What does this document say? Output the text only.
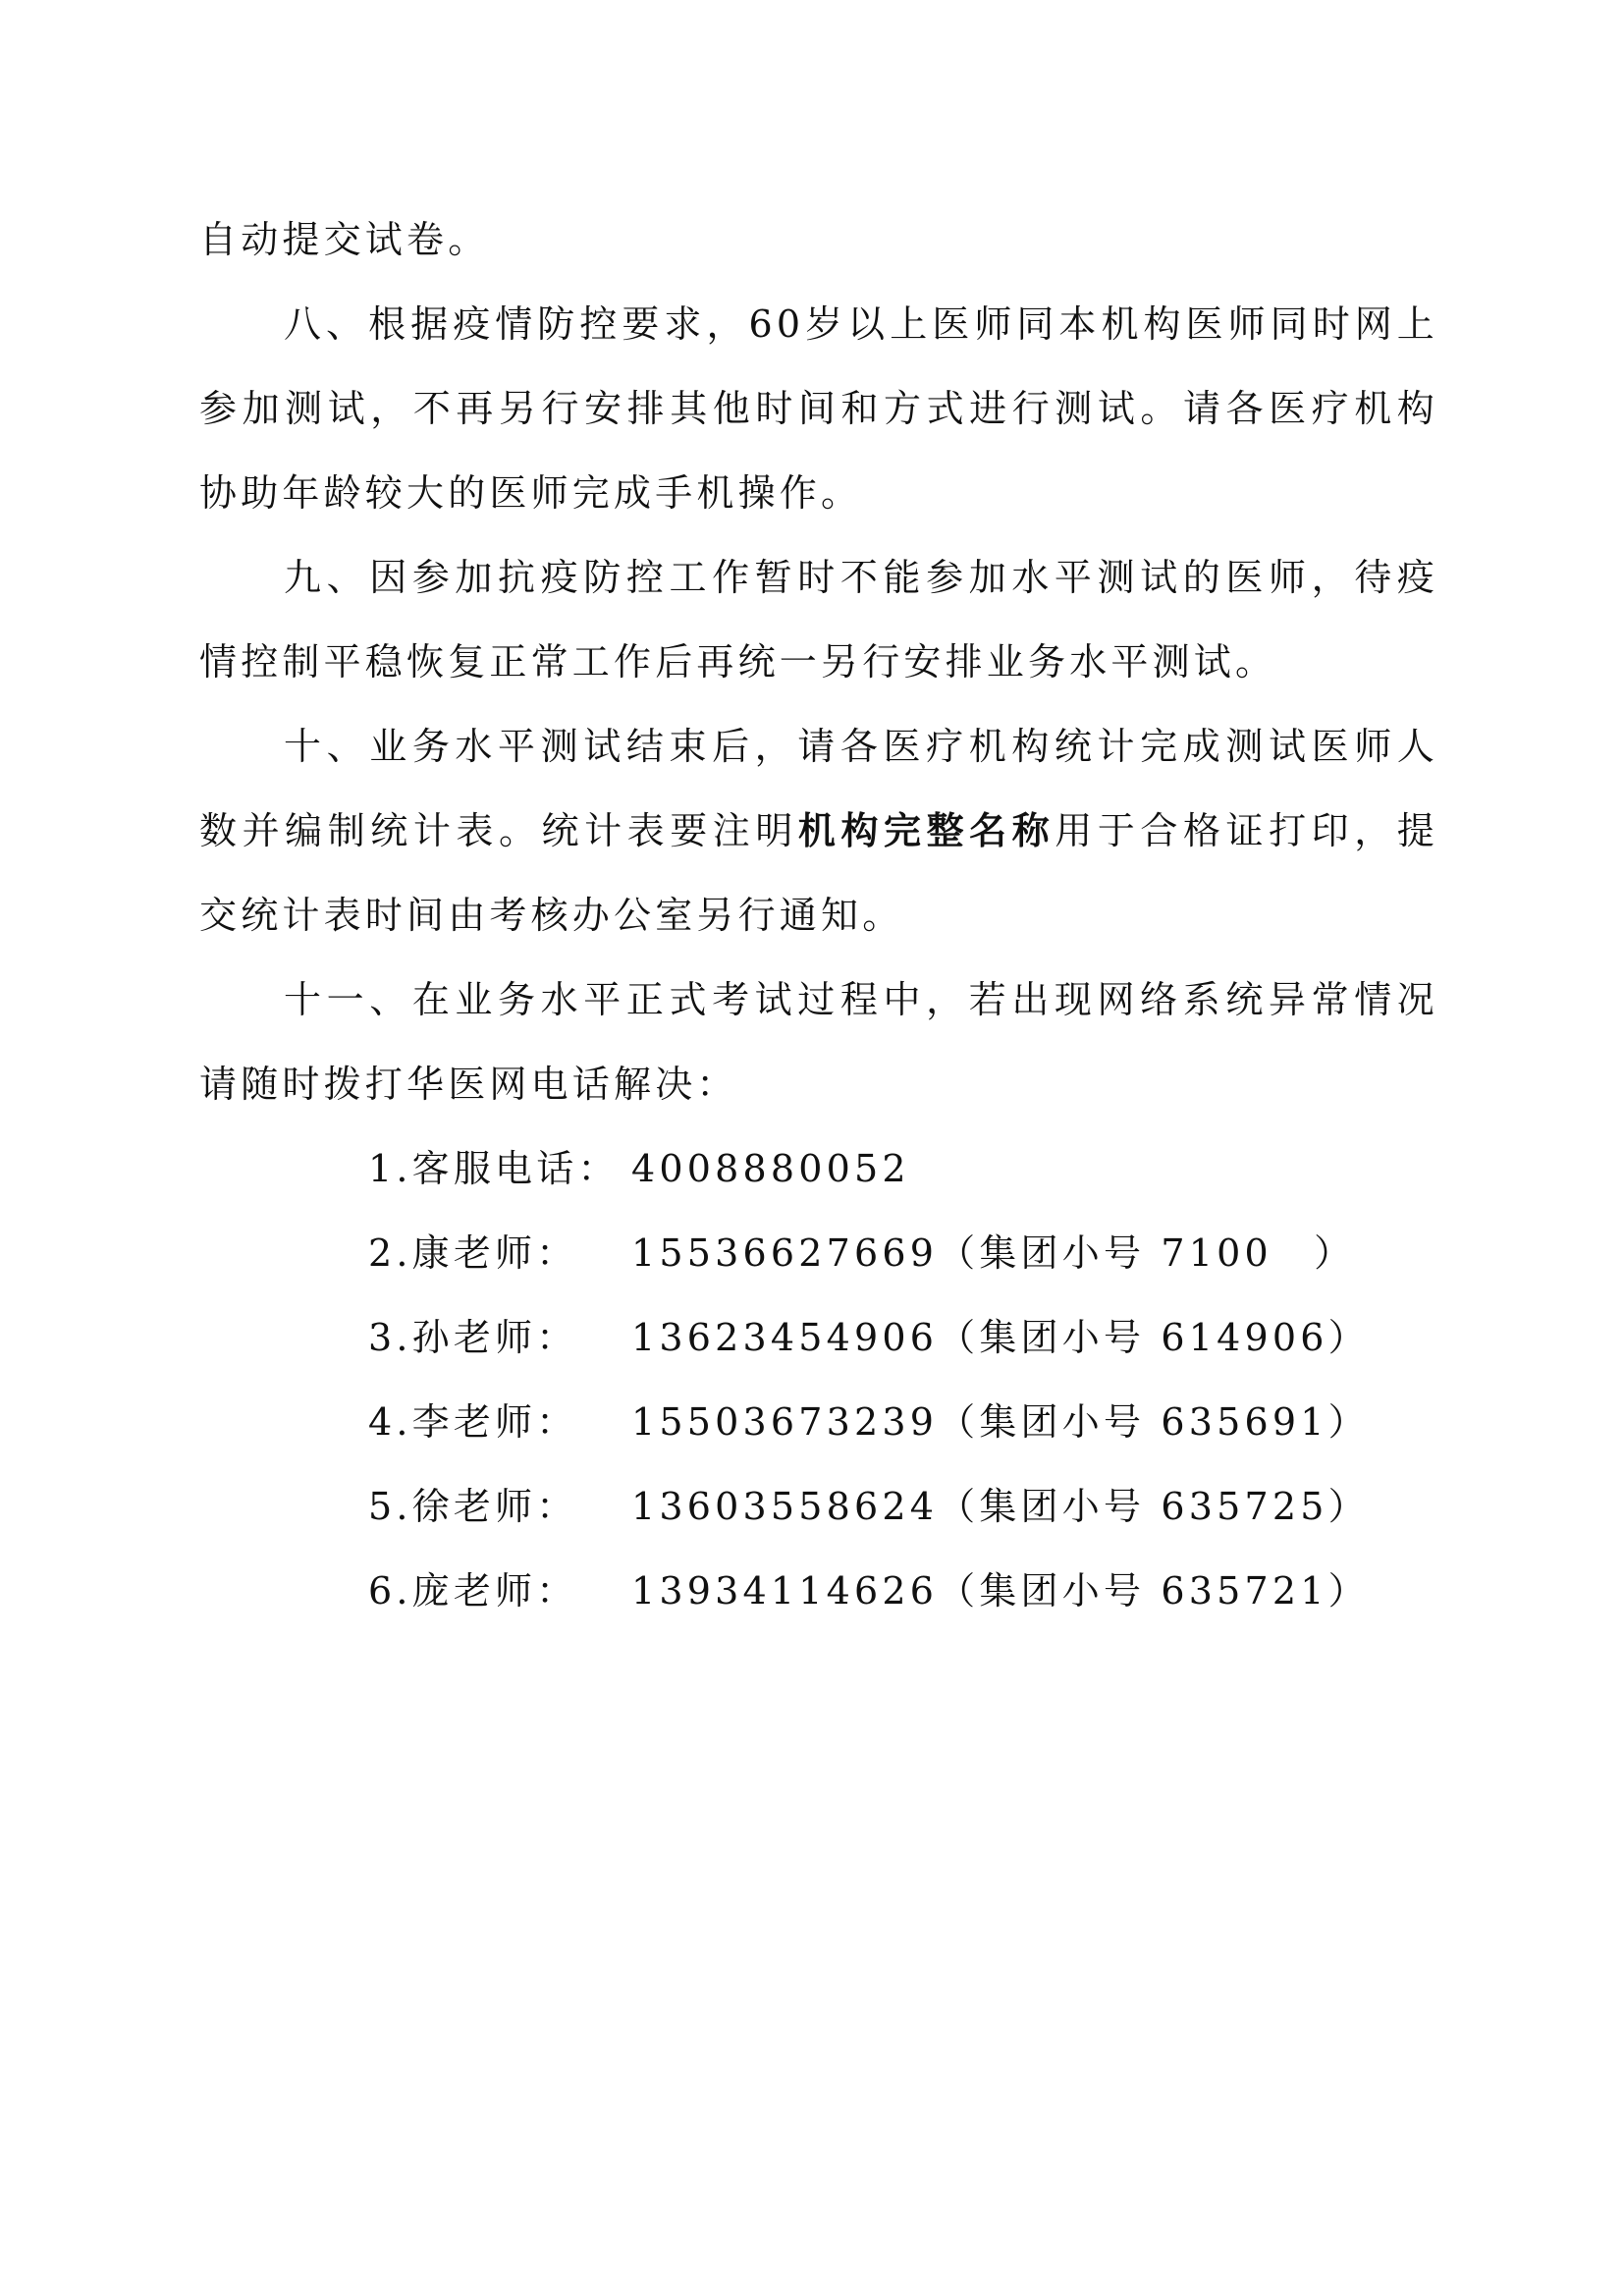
自动提交试卷。

八、根据疫情防控要求，60岁以上医师同本机构医师同时网上参加测试，不再另行安排其他时间和方式进行测试。请各医疗机构协助年龄较大的医师完成手机操作。

九、因参加抗疫防控工作暂时不能参加水平测试的医师，待疫情控制平稳恢复正常工作后再统一另行安排业务水平测试。

十、业务水平测试结束后，请各医疗机构统计完成测试医师人数并编制统计表。统计表要注明机构完整名称用于合格证打印，提交统计表时间由考核办公室另行通知。

十一、在业务水平正式考试过程中，若出现网络系统异常情况请随时拨打华医网电话解决：

1.客服电话： 4008880052
2.康老师： 15536627669（集团小号 7100　）
3.孙老师： 13623454906（集团小号 614906）
4.李老师： 15503673239（集团小号 635691）
5.徐老师： 13603558624（集团小号 635725）
6.庞老师： 13934114626（集团小号 635721）
